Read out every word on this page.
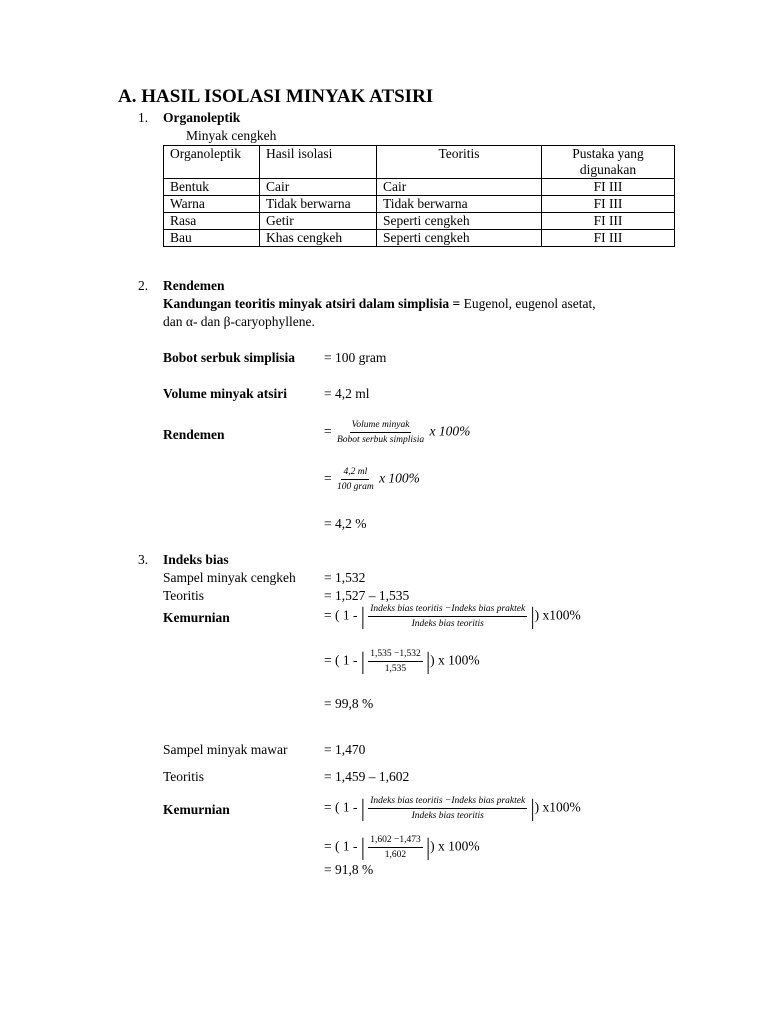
A. HASIL ISOLASI MINYAK ATSIRI
1. Organoleptik
Minyak cengkeh
Organoleptik	Hasil isolasi	Teoritis	Pustaka yang digunakan
Bentuk	Cair	Cair	FI III
Warna	Tidak berwarna	Tidak berwarna	FI III
Rasa	Getir	Seperti cengkeh	FI III
Bau	Khas cengkeh	Seperti cengkeh	FI III
2. Rendemen
Kandungan teoritis minyak atsiri dalam simplisia = Eugenol, eugenol asetat,
dan α- dan β-caryophyllene.
Bobot serbuk simplisia = 100 gram
Volume minyak atsiri	= 4,2 ml
Rendemen	= $\frac{\text{Volume minyak}}{\text{Bobot serbuk simplisia}}$ x 100%
= $\frac{4,2 ml}{\text{100 gram}}$ x 100%
= 4,2 %
3. Indeks bias
Sampel minyak cengkeh = 1,532
Teoritis	= 1,527 – 1,535
Kemurnian	= ( 1 - | $\frac{\text{Indeks bias teoritis −Indeks bias praktek}}{\text{Indeks bias teoritis}}$ |) x100%
= ( 1 - | $\frac{1,535 -1,532}{1,535}$ |) x 100%
= 99,8 %
Sampel minyak mawar	= 1,470
Teoritis	= 1,459 – 1,602
Kemurnian	= ( 1 - | $\frac{\text{Indeks bias teoritis −Indeks bias praktek}}{\text{Indeks bias teoritis}}$ |) x100%
= ( 1 - | $\frac{1,602 -1,473}{1,602}$ |) x 100%
= 91,8 %
